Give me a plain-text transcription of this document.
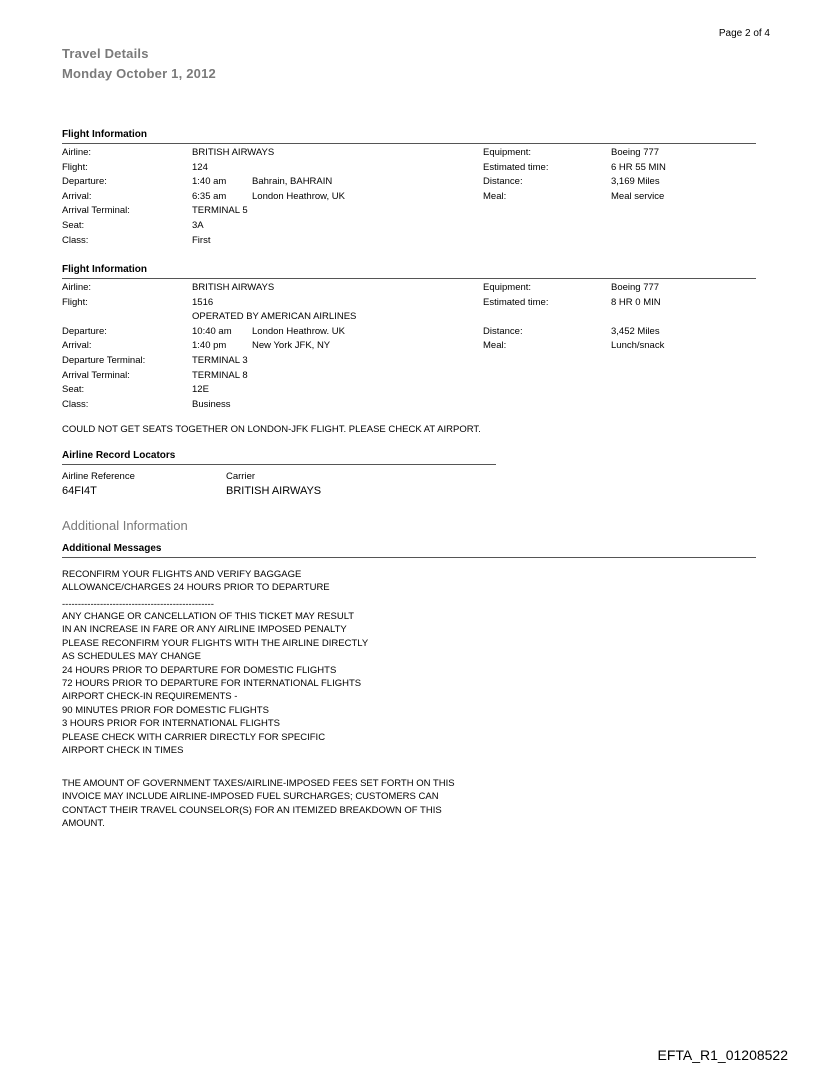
Page 2 of 4
Travel Details
Monday October 1, 2012
Flight Information
Airline:	BRITISH AIRWAYS	Equipment:	Boeing 777
Flight:	124	Estimated time:	6 HR 55 MIN
Departure:	1:40 am	Bahrain, BAHRAIN	Distance:	3,169 Miles
Arrival:	6:35 am	London Heathrow, UK	Meal:	Meal service
Arrival Terminal:	TERMINAL 5
Seat:	3A
Class:	First
Flight Information
Airline:	BRITISH AIRWAYS	Equipment:	Boeing 777
Flight:	1516	Estimated time:	8 HR 0 MIN
OPERATED BY AMERICAN AIRLINES
Departure:	10:40 am London Heathrow. UK	Distance:	3,452 Miles
Arrival:	1:40 pm	New York JFK, NY	Meal:	Lunch/snack
Departure Terminal:	TERMINAL 3
Arrival Terminal:	TERMINAL 8
Seat:	12E
Class:	Business
COULD NOT GET SEATS TOGETHER ON LONDON-JFK FLIGHT. PLEASE CHECK AT AIRPORT.
Airline Record Locators
Airline Reference	Carrier
64FI4T	BRITISH AIRWAYS
Additional Information
Additional Messages
RECONFIRM YOUR FLIGHTS AND VERIFY BAGGAGE
ALLOWANCE/CHARGES 24 HOURS PRIOR TO DEPARTURE
------------------------------------------------
ANY CHANGE OR CANCELLATION OF THIS TICKET MAY RESULT
IN AN INCREASE IN FARE OR ANY AIRLINE IMPOSED PENALTY
PLEASE RECONFIRM YOUR FLIGHTS WITH THE AIRLINE DIRECTLY
AS SCHEDULES MAY CHANGE
24 HOURS PRIOR TO DEPARTURE FOR DOMESTIC FLIGHTS
72 HOURS PRIOR TO DEPARTURE FOR INTERNATIONAL FLIGHTS
AIRPORT CHECK-IN REQUIREMENTS -
90 MINUTES PRIOR FOR DOMESTIC FLIGHTS
3 HOURS PRIOR FOR INTERNATIONAL FLIGHTS
PLEASE CHECK WITH CARRIER DIRECTLY FOR SPECIFIC
AIRPORT CHECK IN TIMES
THE AMOUNT OF GOVERNMENT TAXES/AIRLINE-IMPOSED FEES SET FORTH ON THIS
INVOICE MAY INCLUDE AIRLINE-IMPOSED FUEL SURCHARGES; CUSTOMERS CAN
CONTACT THEIR TRAVEL COUNSELOR(S) FOR AN ITEMIZED BREAKDOWN OF THIS
AMOUNT.
EFTA_R1_01208522
